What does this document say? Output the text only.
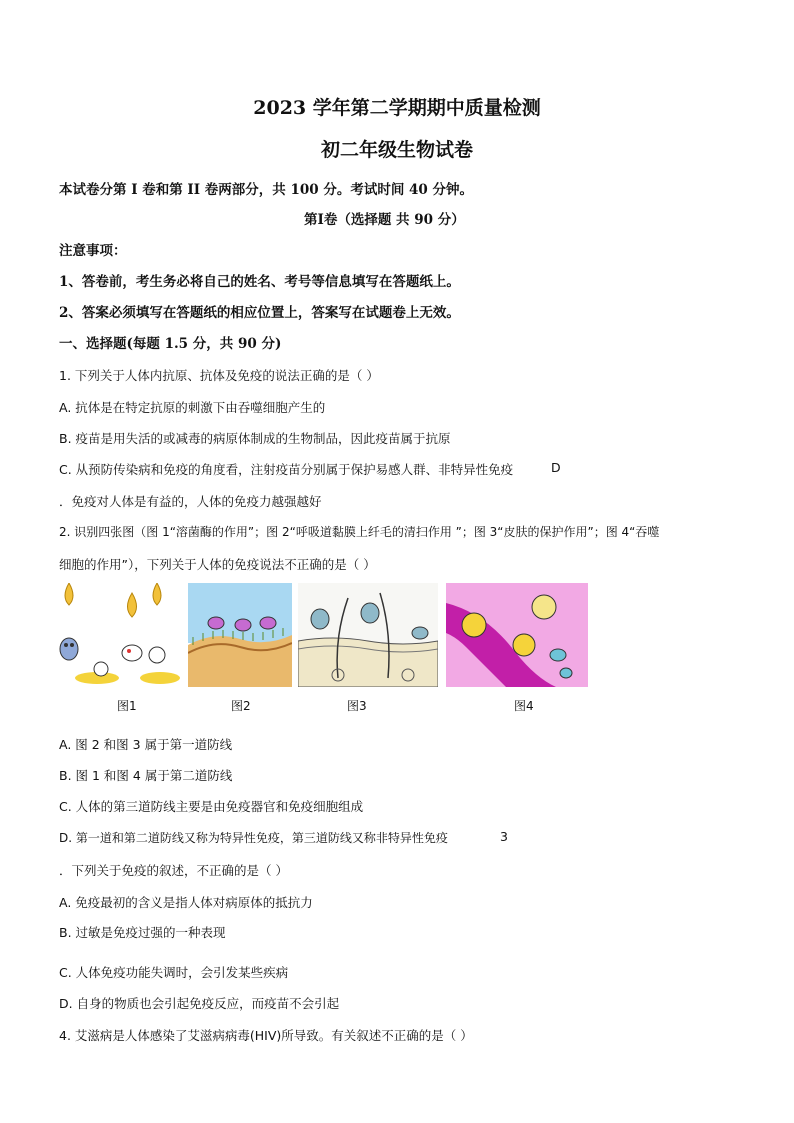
2023 学年第二学期期中质量检测
初二年级生物试卷
本试卷分第 I 卷和第 II 卷两部分，共 100 分。考试时间 40 分钟。
第Ⅰ卷（选择题 共 90 分）
注意事项：
1、答卷前，考生务必将自己的姓名、考号等信息填写在答题纸上。
2、答案必须填写在答题纸的相应位置上，答案写在试题卷上无效。
一、选择题(每题 1.5 分，共 90 分)
1. 下列关于人体内抗原、抗体及免疫的说法正确的是（ ）
A. 抗体是在特定抗原的刺激下由吞噬细胞产生的
B. 疫苗是用失活的或减毒的病原体制成的生物制品，因此疫苗属于抗原
C. 从预防传染病和免疫的角度看，注射疫苗分别属于保护易感人群、非特异性免疫	D
．免疫对人体是有益的，人体的免疫力越强越好
2. 识别四张图（图 1“溶菌酶的作用”；图 2“呼吸道黏膜上纤毛的清扫作用 ”；图 3“皮肤的保护作用”；图 4“吞噬
细胞的作用”），下列关于人体的免疫说法不正确的是（ ）
图1	图2	图3	图4
A. 图 2 和图 3 属于第一道防线
B. 图 1 和图 4 属于第二道防线
C. 人体的第三道防线主要是由免疫器官和免疫细胞组成
D. 第一道和第二道防线又称为特异性免疫，第三道防线又称非特异性免疫	3
．下列关于免疫的叙述，不正确的是（ ）
A. 免疫最初的含义是指人体对病原体的抵抗力
B. 过敏是免疫过强的一种表现
C. 人体免疫功能失调时，会引发某些疾病
D. 自身的物质也会引起免疫反应，而疫苗不会引起
4. 艾滋病是人体感染了艾滋病病毒(HIV)所导致。有关叙述不正确的是（ ）
